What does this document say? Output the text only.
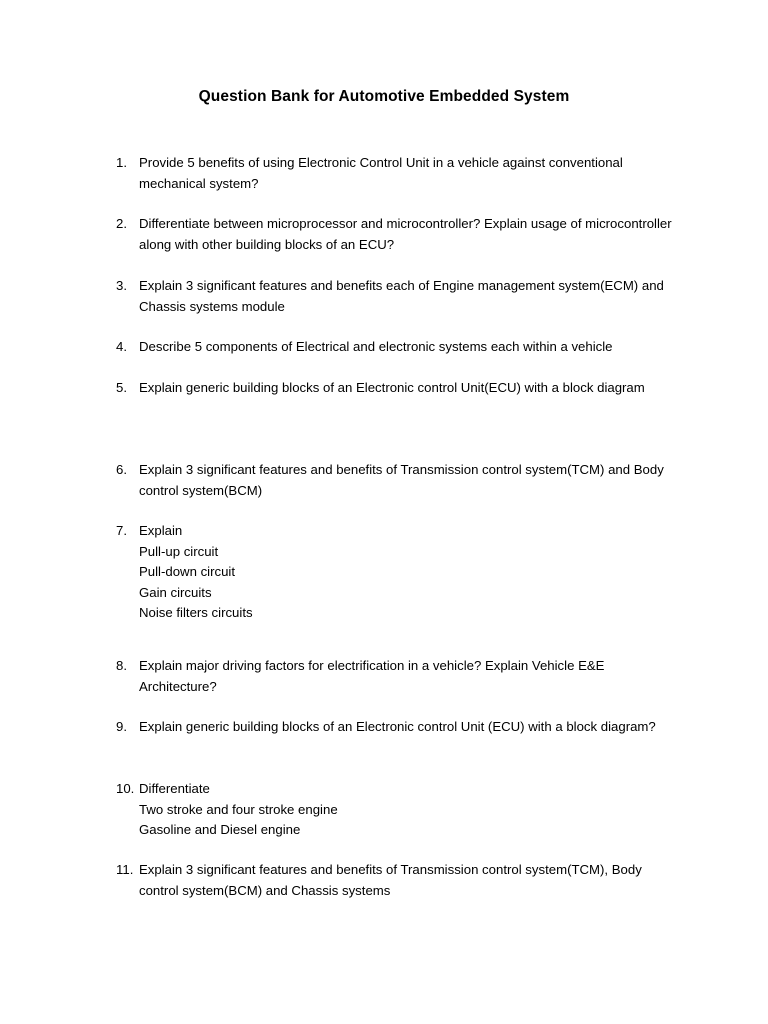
Question Bank for Automotive Embedded System
1. Provide 5 benefits of using Electronic Control Unit in a vehicle against conventional mechanical system?
2. Differentiate between microprocessor and microcontroller? Explain usage of microcontroller along with other building blocks of an ECU?
3. Explain 3 significant features and benefits each of Engine management system(ECM) and Chassis systems module
4. Describe 5 components of Electrical and electronic systems each within a vehicle
5. Explain generic building blocks of an Electronic control Unit(ECU) with a block diagram
6. Explain 3 significant features and benefits of Transmission control system(TCM) and Body control system(BCM)
7. Explain
Pull-up circuit
Pull-down circuit
Gain circuits
Noise filters circuits
8. Explain major driving factors for electrification in a vehicle? Explain Vehicle E&E Architecture?
9. Explain generic building blocks of an Electronic control Unit (ECU) with a block diagram?
10. Differentiate
Two stroke and four stroke engine
Gasoline and Diesel engine
11. Explain 3 significant features and benefits of Transmission control system(TCM), Body control system(BCM) and Chassis systems
